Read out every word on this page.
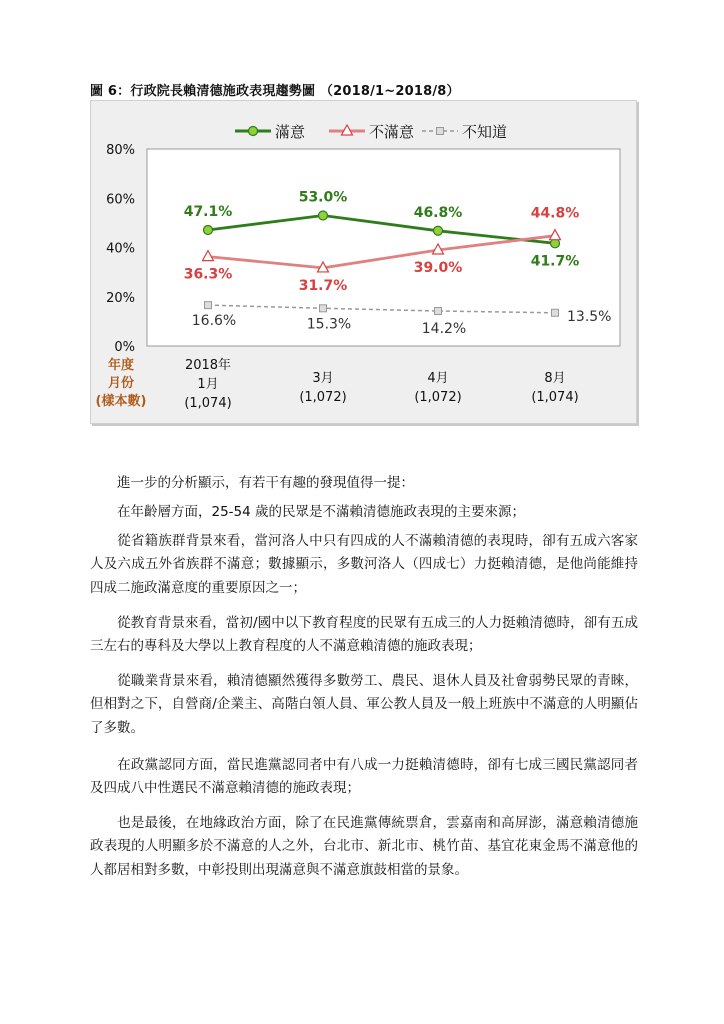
圖 6：行政院長賴清德施政表現趨勢圖 （2018/1~2018/8）
0%
20%
40%
60%
80%
滿意	不滿意	不知道
47.1%
53.0%
46.8%
41.7%
36.3%
31.7%
39.0%
44.8%
16.6%	15.3%	14.2%
13.5%
年度
月份
(樣本數)
2018年
1月
(1,074)
3月
(1,072)
4月
(1,072)
8月
(1,074)

進一步的分析顯示，有若干有趣的發現值得一提：

在年齡層方面，25-54 歲的民眾是不滿賴清德施政表現的主要來源；

從省籍族群背景來看，當河洛人中只有四成的人不滿賴清德的表現時，卻有五成六客家人及六成五外省族群不滿意；數據顯示，多數河洛人（四成七）力挺賴清德，是他尚能維持四成二施政滿意度的重要原因之一；

從教育背景來看，當初/國中以下教育程度的民眾有五成三的人力挺賴清德時，卻有五成三左右的專科及大學以上教育程度的人不滿意賴清德的施政表現；

從職業背景來看，賴清德顯然獲得多數勞工、農民、退休人員及社會弱勢民眾的青睞，但相對之下，自營商/企業主、高階白領人員、軍公教人員及一般上班族中不滿意的人明顯佔了多數。

在政黨認同方面，當民進黨認同者中有八成一力挺賴清德時，卻有七成三國民黨認同者及四成八中性選民不滿意賴清德的施政表現；

也是最後，在地緣政治方面，除了在民進黨傳統票倉，雲嘉南和高屏澎，滿意賴清德施政表現的人明顯多於不滿意的人之外，台北市、新北市、桃竹苗、基宜花東金馬不滿意他的人都居相對多數，中彰投則出現滿意與不滿意旗鼓相當的景象。
